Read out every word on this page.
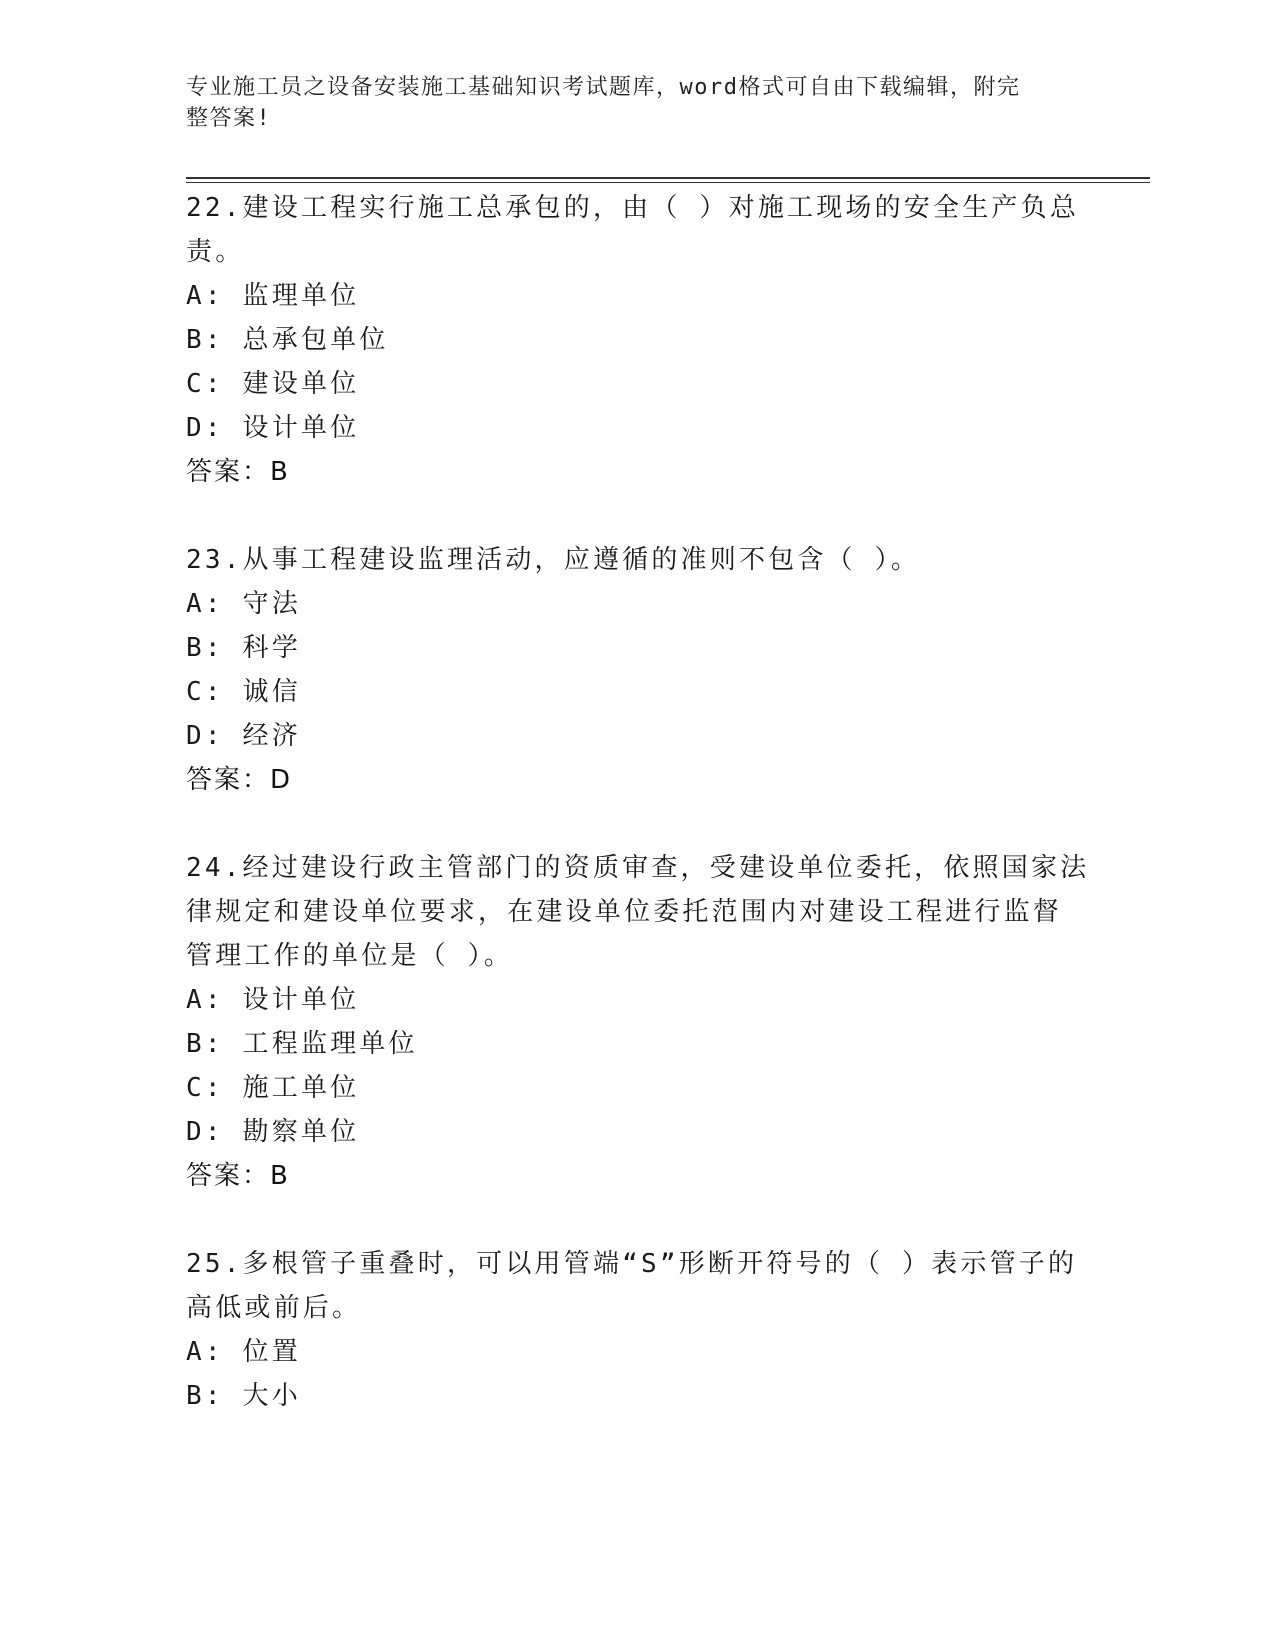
专业施工员之设备安装施工基础知识考试题库，word格式可自由下载编辑，附完
整答案!
22.建设工程实行施工总承包的，由（ ）对施工现场的安全生产负总
责。
A: 监理单位
B: 总承包单位
C: 建设单位
D: 设计单位
答案：B
23.从事工程建设监理活动，应遵循的准则不包含（ ）。
A: 守法
B: 科学
C: 诚信
D: 经济
答案：D
24.经过建设行政主管部门的资质审查，受建设单位委托，依照国家法
律规定和建设单位要求，在建设单位委托范围内对建设工程进行监督
管理工作的单位是（ ）。
A: 设计单位
B: 工程监理单位
C: 施工单位
D: 勘察单位
答案：B
25.多根管子重叠时，可以用管端“S”形断开符号的（ ）表示管子的
高低或前后。
A: 位置
B: 大小
